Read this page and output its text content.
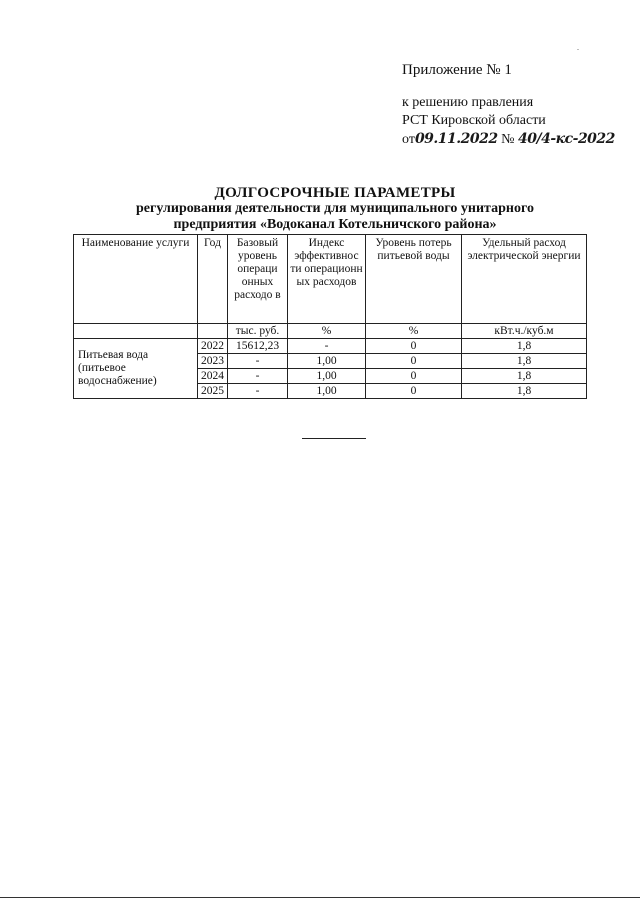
.
Приложение № 1
к решению правления
РСТ Кировской области
от09.11.2022 № 40/4-кс-2022
ДОЛГОСРОЧНЫЕ ПАРАМЕТРЫ
регулирования деятельности для муниципального унитарного
предприятия «Водоканал Котельничского района»
Наименование услуги	Год	Базовый уровень операци онных расходо в	Индекс эффективнос ти операционн ых расходов	Уровень потерь питьевой воды	Удельный расход электрической энергии
		тыс. руб.	%	%	кВт.ч./куб.м
Питьевая вода (питьевое водоснабжение)	2022	15612,23	-	0	1,8
	2023	-	1,00	0	1,8
	2024	-	1,00	0	1,8
	2025	-	1,00	0	1,8
